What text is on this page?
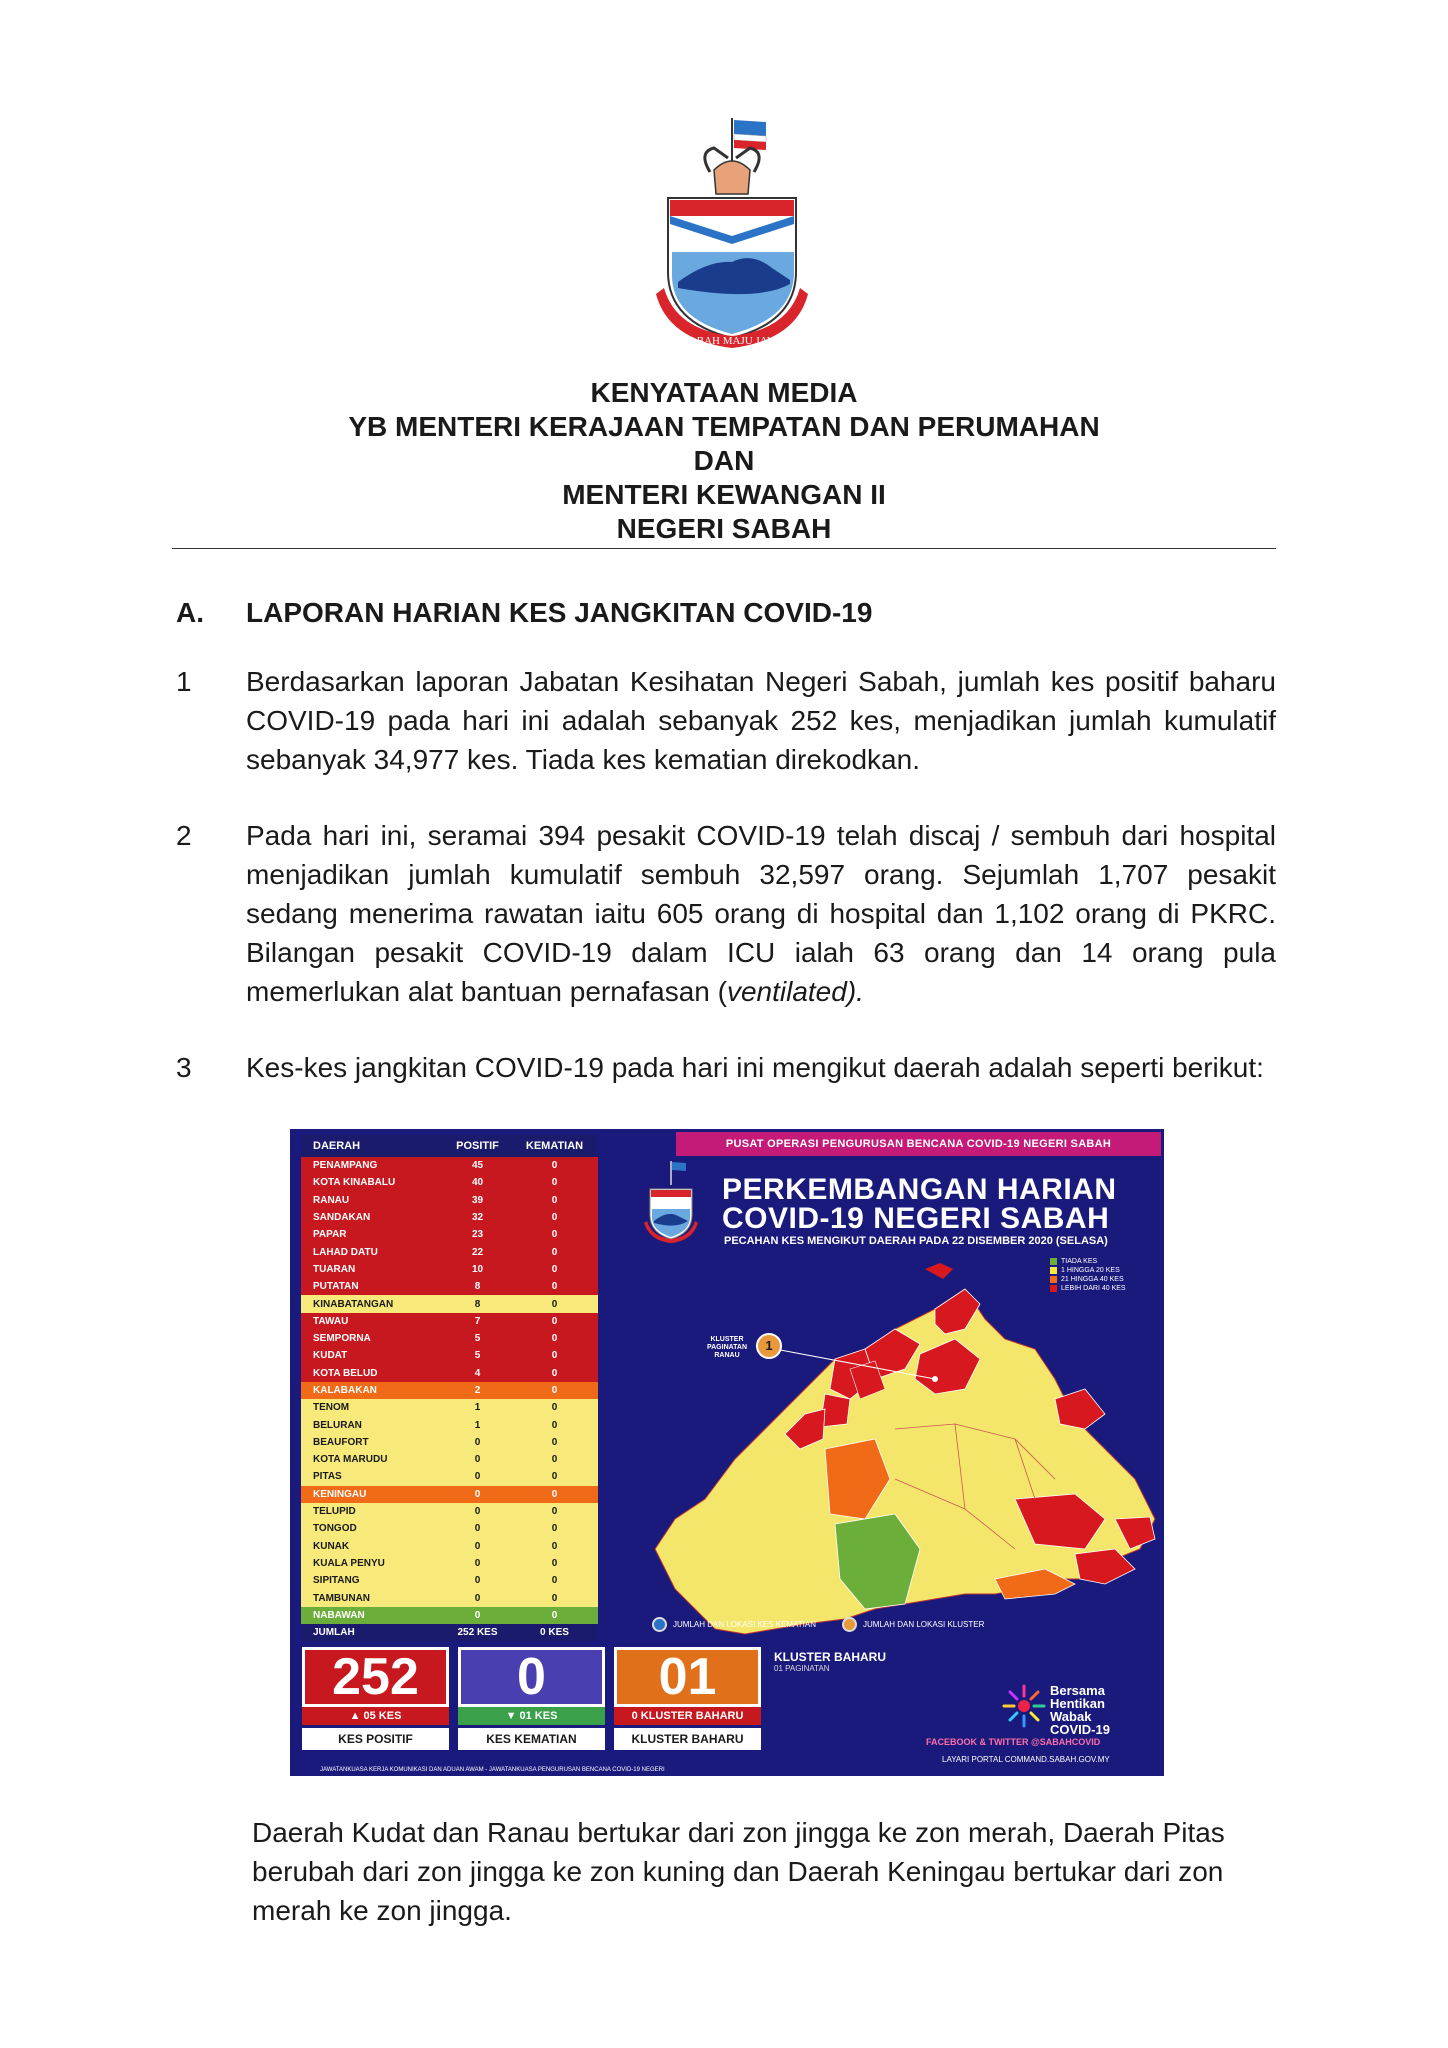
SABAH MAJU JAYA
KENYATAAN MEDIA
YB MENTERI KERAJAAN TEMPATAN DAN PERUMAHAN
DAN
MENTERI KEWANGAN II
NEGERI SABAH
A. LAPORAN HARIAN KES JANGKITAN COVID-19
1 Berdasarkan laporan Jabatan Kesihatan Negeri Sabah, jumlah kes positif baharu COVID-19 pada hari ini adalah sebanyak 252 kes, menjadikan jumlah kumulatif sebanyak 34,977 kes. Tiada kes kematian direkodkan.
2 Pada hari ini, seramai 394 pesakit COVID-19 telah discaj / sembuh dari hospital menjadikan jumlah kumulatif sembuh 32,597 orang. Sejumlah 1,707 pesakit sedang menerima rawatan iaitu 605 orang di hospital dan 1,102 orang di PKRC. Bilangan pesakit COVID-19 dalam ICU ialah 63 orang dan 14 orang pula memerlukan alat bantuan pernafasan (ventilated).
3 Kes-kes jangkitan COVID-19 pada hari ini mengikut daerah adalah seperti berikut:
DAERAH	POSITIF	KEMATIAN
PENAMPANG	45	0
KOTA KINABALU	40	0
RANAU	39	0
SANDAKAN	32	0
PAPAR	23	0
LAHAD DATU	22	0
TUARAN	10	0
PUTATAN	8	0
KINABATANGAN	8	0
TAWAU	7	0
SEMPORNA	5	0
KUDAT	5	0
KOTA BELUD	4	0
KALABAKAN	2	0
TENOM	1	0
BELURAN	1	0
BEAUFORT	0	0
KOTA MARUDU	0	0
PITAS	0	0
KENINGAU	0	0
TELUPID	0	0
TONGOD	0	0
KUNAK	0	0
KUALA PENYU	0	0
SIPITANG	0	0
TAMBUNAN	0	0
NABAWAN	0	0
JUMLAH	252 KES	0 KES
PUSAT OPERASI PENGURUSAN BENCANA COVID-19 NEGERI SABAH
PERKEMBANGAN HARIAN
COVID-19 NEGERI SABAH
PECAHAN KES MENGIKUT DAERAH PADA 22 DISEMBER 2020 (SELASA)
TIADA KES
1 HINGGA 20 KES
21 HINGGA 40 KES
LEBIH DARI 40 KES
KLUSTER PAGINATAN RANAU
1
JUMLAH DAN LOKASI KES KEMATIAN	JUMLAH DAN LOKASI KLUSTER
252
▲ 05 KES
KES POSITIF
0
▼ 01 KES
KES KEMATIAN
01
0 KLUSTER BAHARU
KLUSTER BAHARU
KLUSTER BAHARU
01 PAGINATAN
Bersama
Hentikan
Wabak
COVID-19
FACEBOOK & TWITTER @SABAHCOVID
LAYARI PORTAL COMMAND.SABAH.GOV.MY
JAWATANKUASA KERJA KOMUNIKASI DAN ADUAN AWAM - JAWATANKUASA PENGURUSAN BENCANA COVID-19 NEGERI
Daerah Kudat dan Ranau bertukar dari zon jingga ke zon merah, Daerah Pitas berubah dari zon jingga ke zon kuning dan Daerah Keningau bertukar dari zon merah ke zon jingga.
